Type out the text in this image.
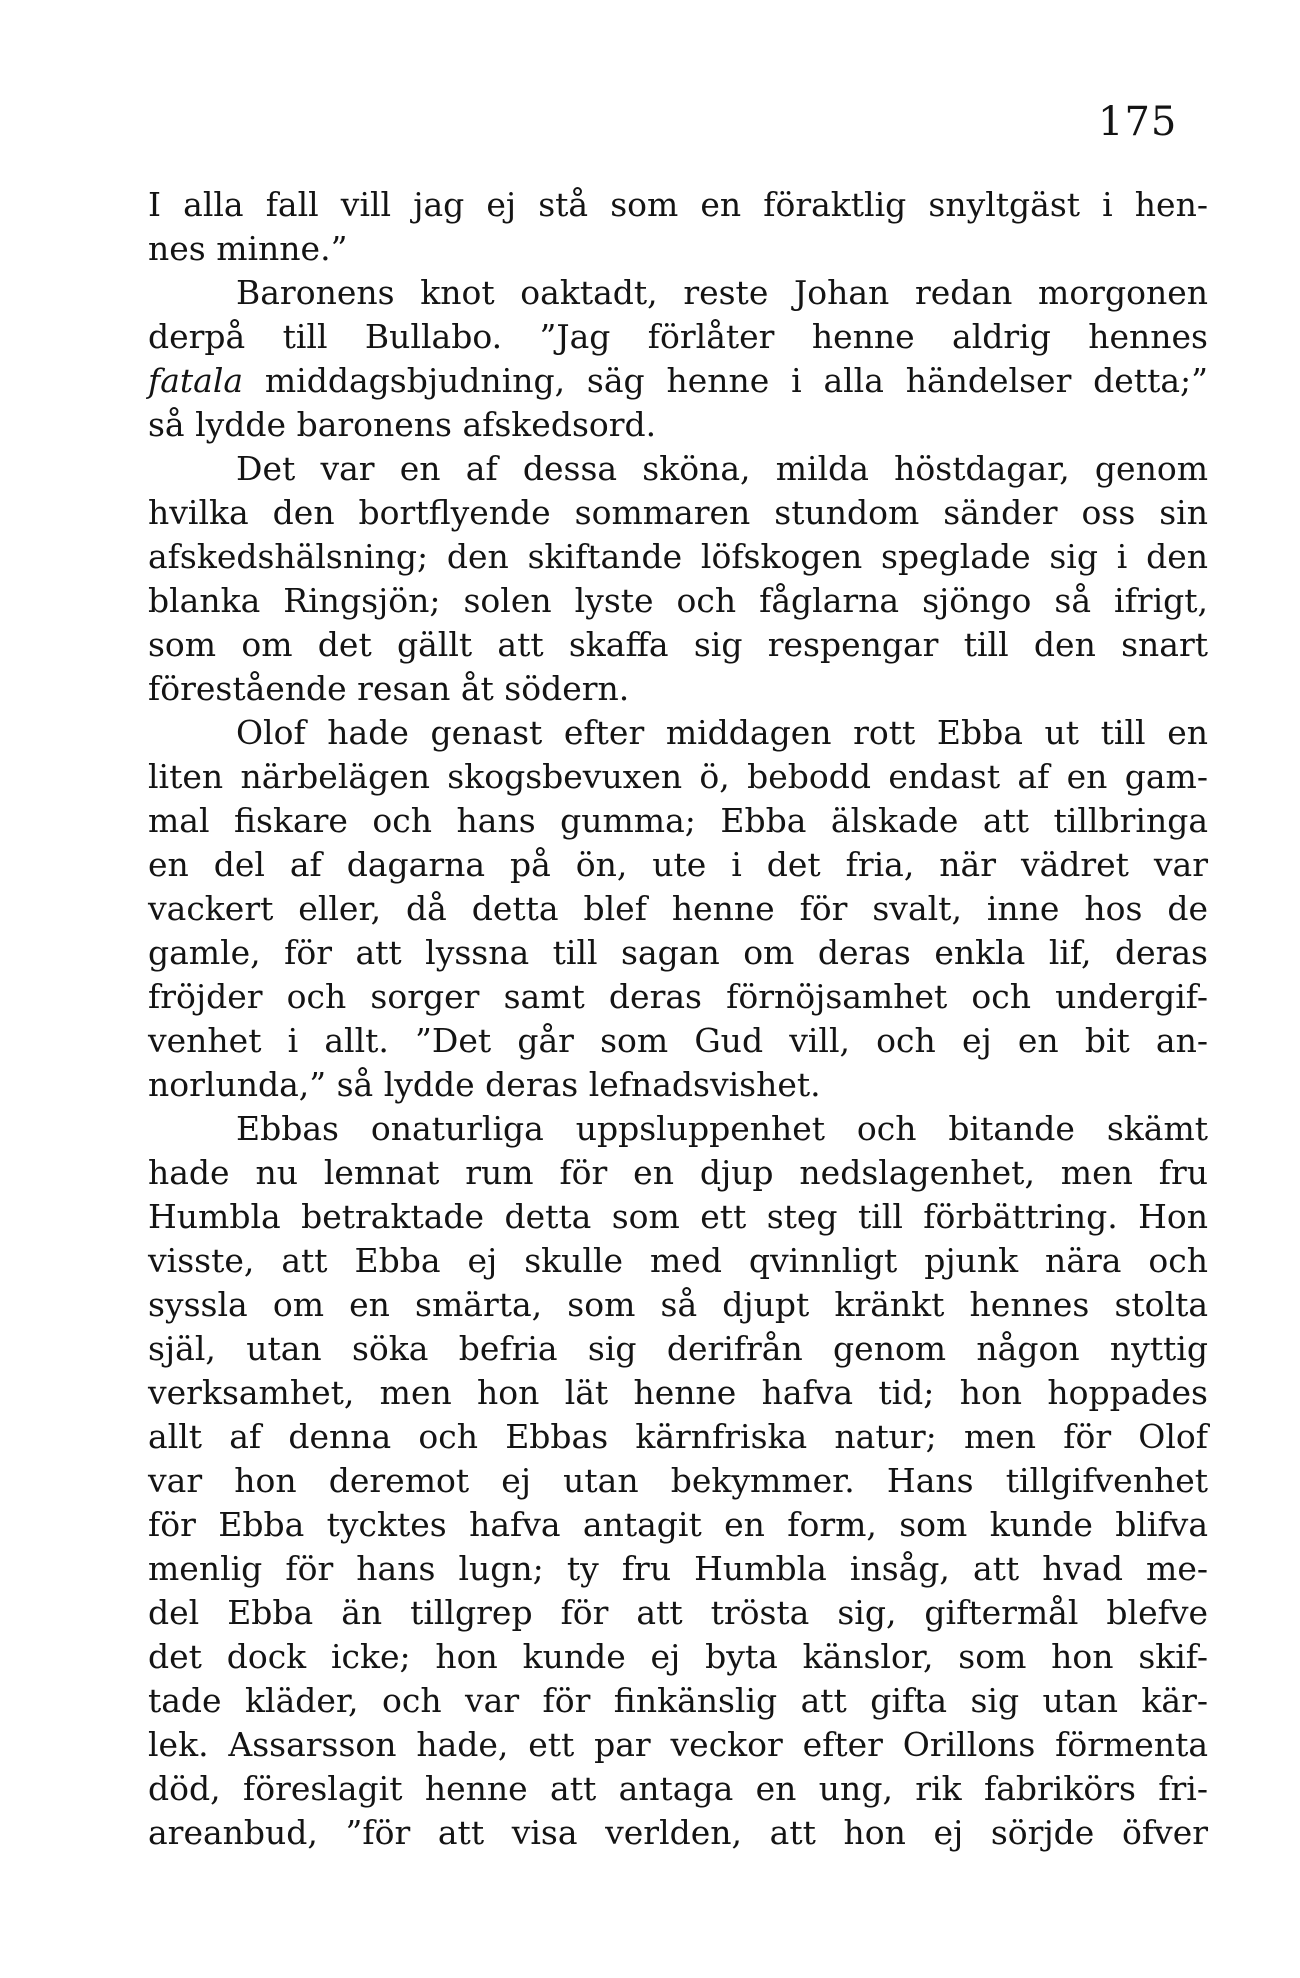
175
I alla fall vill jag ej stå som en föraktlig snyltgäst i hen-
nes minne.”
Baronens knot oaktadt, reste Johan redan morgonen
derpå till Bullabo. ”Jag förlåter henne aldrig hennes
fatala middagsbjudning, säg henne i alla händelser detta;”
så lydde baronens afskedsord.
Det var en af dessa sköna, milda höstdagar, genom
hvilka den bortflyende sommaren stundom sänder oss sin
afskedshälsning; den skiftande löfskogen speglade sig i den
blanka Ringsjön; solen lyste och fåglarna sjöngo så ifrigt,
som om det gällt att skaffa sig respengar till den snart
förestående resan åt södern.
Olof hade genast efter middagen rott Ebba ut till en
liten närbelägen skogsbevuxen ö, bebodd endast af en gam-
mal fiskare och hans gumma; Ebba älskade att tillbringa
en del af dagarna på ön, ute i det fria, när vädret var
vackert eller, då detta blef henne för svalt, inne hos de
gamle, för att lyssna till sagan om deras enkla lif, deras
fröjder och sorger samt deras förnöjsamhet och undergif-
venhet i allt. ”Det går som Gud vill, och ej en bit an-
norlunda,” så lydde deras lefnadsvishet.
Ebbas onaturliga uppsluppenhet och bitande skämt
hade nu lemnat rum för en djup nedslagenhet, men fru
Humbla betraktade detta som ett steg till förbättring. Hon
visste, att Ebba ej skulle med qvinnligt pjunk nära och
syssla om en smärta, som så djupt kränkt hennes stolta
själ, utan söka befria sig derifrån genom någon nyttig
verksamhet, men hon lät henne hafva tid; hon hoppades
allt af denna och Ebbas kärnfriska natur; men för Olof
var hon deremot ej utan bekymmer. Hans tillgifvenhet
för Ebba tycktes hafva antagit en form, som kunde blifva
menlig för hans lugn; ty fru Humbla insåg, att hvad me-
del Ebba än tillgrep för att trösta sig, giftermål blefve
det dock icke; hon kunde ej byta känslor, som hon skif-
tade kläder, och var för finkänslig att gifta sig utan kär-
lek. Assarsson hade, ett par veckor efter Orillons förmenta
död, föreslagit henne att antaga en ung, rik fabrikörs fri-
areanbud, ”för att visa verlden, att hon ej sörjde öfver
